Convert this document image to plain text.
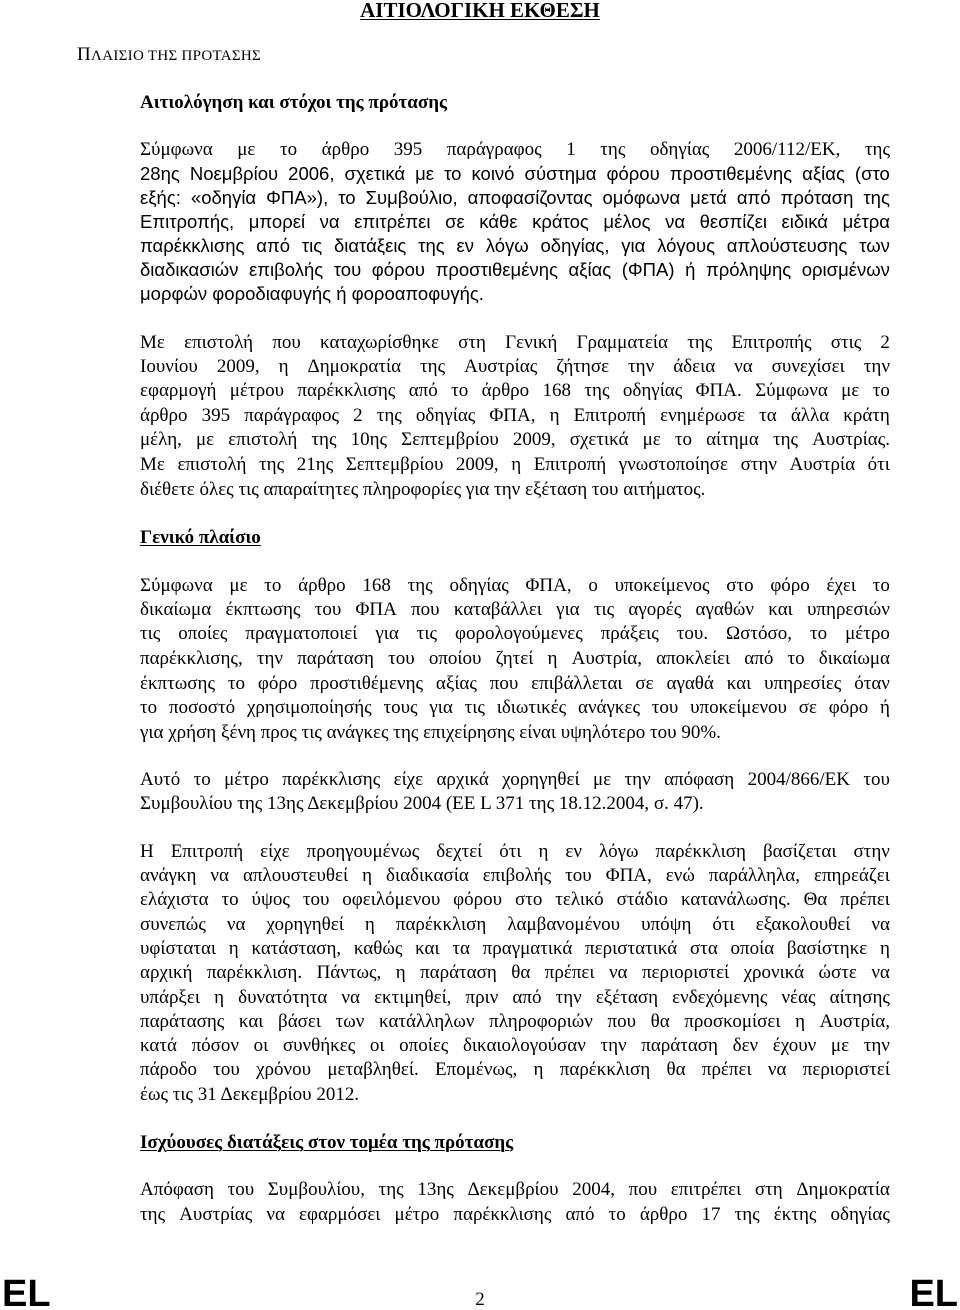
ΑΙΤΙΟΛΟΓΙΚΗ ΕΚΘΕΣΗ
ΠΛΑΙΣΙΟ ΤΗΣ ΠΡΟΤΑΣΗΣ
Αιτιολόγηση και στόχοι της πρότασης
Σύμφωνα με το άρθρο 395 παράγραφος 1 της οδηγίας 2006/112/ΕΚ, της
28ης Νοεμβρίου 2006, σχετικά με το κοινό σύστημα φόρου προστιθεμένης αξίας (στο
εξής: «οδηγία ΦΠΑ»), το Συμβούλιο, αποφασίζοντας ομόφωνα μετά από πρόταση της
Επιτροπής, μπορεί να επιτρέπει σε κάθε κράτος μέλος να θεσπίζει ειδικά μέτρα
παρέκκλισης από τις διατάξεις της εν λόγω οδηγίας, για λόγους απλούστευσης των
διαδικασιών επιβολής του φόρου προστιθεμένης αξίας (ΦΠΑ) ή πρόληψης ορισμένων
μορφών φοροδιαφυγής ή φοροαποφυγής.
Με επιστολή που καταχωρίσθηκε στη Γενική Γραμματεία της Επιτροπής στις 2
Ιουνίου 2009, η Δημοκρατία της Αυστρίας ζήτησε την άδεια να συνεχίσει την
εφαρμογή μέτρου παρέκκλισης από το άρθρο 168 της οδηγίας ΦΠΑ. Σύμφωνα με το
άρθρο 395 παράγραφος 2 της οδηγίας ΦΠΑ, η Επιτροπή ενημέρωσε τα άλλα κράτη
μέλη, με επιστολή της 10ης Σεπτεμβρίου 2009, σχετικά με το αίτημα της Αυστρίας.
Με επιστολή της 21ης Σεπτεμβρίου 2009, η Επιτροπή γνωστοποίησε στην Αυστρία ότι
διέθετε όλες τις απαραίτητες πληροφορίες για την εξέταση του αιτήματος.
Γενικό πλαίσιο
Σύμφωνα με το άρθρο 168 της οδηγίας ΦΠΑ, ο υποκείμενος στο φόρο έχει το
δικαίωμα έκπτωσης του ΦΠΑ που καταβάλλει για τις αγορές αγαθών και υπηρεσιών
τις οποίες πραγματοποιεί για τις φορολογούμενες πράξεις του. Ωστόσο, το μέτρο
παρέκκλισης, την παράταση του οποίου ζητεί η Αυστρία, αποκλείει από το δικαίωμα
έκπτωσης το φόρο προστιθέμενης αξίας που επιβάλλεται σε αγαθά και υπηρεσίες όταν
το ποσοστό χρησιμοποίησής τους για τις ιδιωτικές ανάγκες του υποκείμενου σε φόρο ή
για χρήση ξένη προς τις ανάγκες της επιχείρησης είναι υψηλότερο του 90%.
Αυτό το μέτρο παρέκκλισης είχε αρχικά χορηγηθεί με την απόφαση 2004/866/ΕΚ του
Συμβουλίου της 13ης Δεκεμβρίου 2004 (ΕΕ L 371 της 18.12.2004, σ. 47).
Η Επιτροπή είχε προηγουμένως δεχτεί ότι η εν λόγω παρέκκλιση βασίζεται στην
ανάγκη να απλουστευθεί η διαδικασία επιβολής του ΦΠΑ, ενώ παράλληλα, επηρεάζει
ελάχιστα το ύψος του οφειλόμενου φόρου στο τελικό στάδιο κατανάλωσης. Θα πρέπει
συνεπώς να χορηγηθεί η παρέκκλιση λαμβανομένου υπόψη ότι εξακολουθεί να
υφίσταται η κατάσταση, καθώς και τα πραγματικά περιστατικά στα οποία βασίστηκε η
αρχική παρέκκλιση. Πάντως, η παράταση θα πρέπει να περιοριστεί χρονικά ώστε να
υπάρξει η δυνατότητα να εκτιμηθεί, πριν από την εξέταση ενδεχόμενης νέας αίτησης
παράτασης και βάσει των κατάλληλων πληροφοριών που θα προσκομίσει η Αυστρία,
κατά πόσον οι συνθήκες οι οποίες δικαιολογούσαν την παράταση δεν έχουν με την
πάροδο του χρόνου μεταβληθεί. Επομένως, η παρέκκλιση θα πρέπει να περιοριστεί
έως τις 31 Δεκεμβρίου 2012.
Ισχύουσες διατάξεις στον τομέα της πρότασης
Απόφαση του Συμβουλίου, της 13ης Δεκεμβρίου 2004, που επιτρέπει στη Δημοκρατία
της Αυστρίας να εφαρμόσει μέτρο παρέκκλισης από το άρθρο 17 της έκτης οδηγίας
EL	2	EL
